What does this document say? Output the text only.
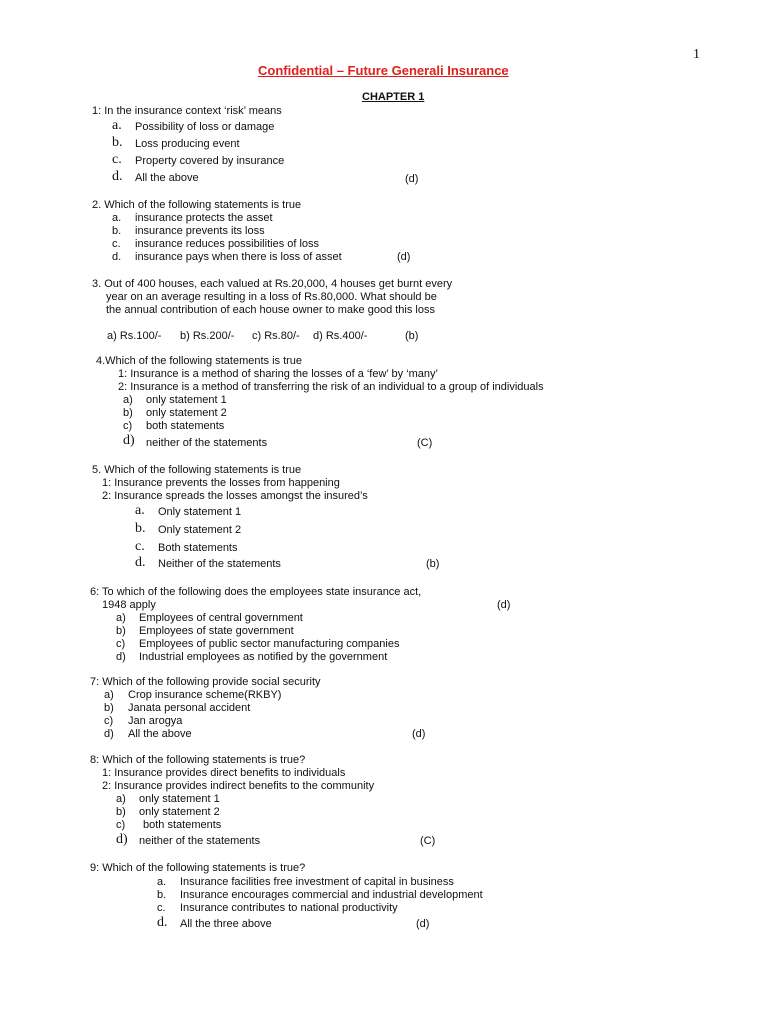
1
Confidential – Future Generali Insurance
CHAPTER 1
1: In the insurance context ‘risk’ means
a. Possibility of loss or damage
b. Loss producing event
c. Property covered by insurance
d. All the above	(d)
2. Which of the following statements is true
a. insurance protects the asset
b. insurance prevents its loss
c. insurance reduces possibilities of loss
d. insurance pays when there is loss of asset	(d)
3. Out of 400 houses, each valued at Rs.20,000, 4 houses get burnt every
year on an average resulting in a loss of Rs.80,000. What should be
the annual contribution of each house owner to make good this loss
a) Rs.100/- b) Rs.200/- c) Rs.80/- d) Rs.400/-	(b)
4.Which of the following statements is true
1: Insurance is a method of sharing the losses of a ‘few’ by ‘many’
2: Insurance is a method of transferring the risk of an individual to a group of individuals
a) only statement 1
b) only statement 2
c) both statements
d) neither of the statements	(C)
5. Which of the following statements is true
1: Insurance prevents the losses from happening
2: Insurance spreads the losses amongst the insured’s
a. Only statement 1
b. Only statement 2
c. Both statements
d. Neither of the statements	(b)
6: To which of the following does the employees state insurance act,
1948 apply	(d)
a) Employees of central government
b) Employees of state government
c) Employees of public sector manufacturing companies
d) Industrial employees as notified by the government
7: Which of the following provide social security
a) Crop insurance scheme(RKBY)
b) Janata personal accident
c) Jan arogya
d) All the above	(d)
8: Which of the following statements is true?
1: Insurance provides direct benefits to individuals
2: Insurance provides indirect benefits to the community
a) only statement 1
b) only statement 2
c) both statements
d) neither of the statements	(C)
9: Which of the following statements is true?
a. Insurance facilities free investment of capital in business
b. Insurance encourages commercial and industrial development
c. Insurance contributes to national productivity
d. All the three above	(d)
